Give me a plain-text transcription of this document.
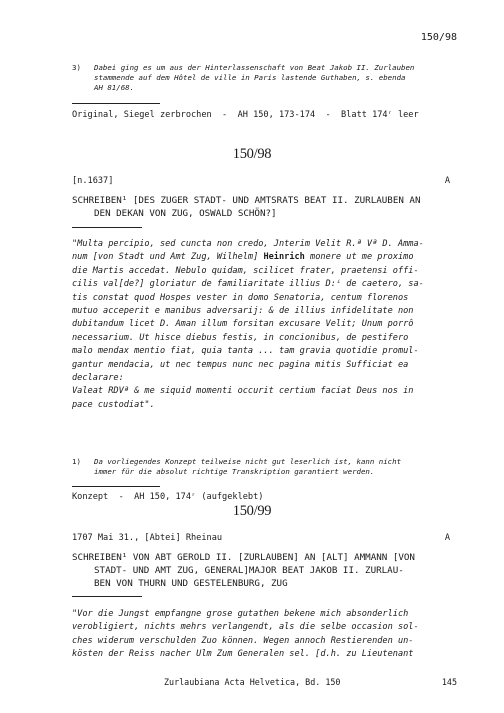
150/98
3) Dabei ging es um aus der Hinterlassenschaft von Beat Jakob II. Zurlauben
stammende auf dem Hôtel de ville in Paris lastende Guthaben, s. ebenda
AH 81/68.
Original, Siegel zerbrochen  -  AH 150, 173-174  -  Blatt 174ʳ leer
150/98
[n.1637]	A
SCHREIBEN¹ [DES ZUGER STADT- UND AMTSRATS BEAT II. ZURLAUBEN AN
DEN DEKAN VON ZUG, OSWALD SCHÖN?]
"Multa percipio, sed cuncta non credo, Jnterim Velit R.ª Vª D. Amma-
num [von Stadt und Amt Zug, Wilhelm] Heinrich monere ut me proximo
die Martis accedat. Nebulo quidam, scilicet frater, praetensi offi-
cilis val[de?] gloriatur de familiaritate illius D:ⁱ de caetero, sa-
tis constat quod Hospes vester in domo Senatoria, centum florenos
mutuo acceperit e manibus adversarij: & de illius infidelitate non
dubitandum licet D. Aman illum forsitan excusare Velit; Unum porrô
necessarium. Ut hisce diebus festis, in concionibus, de pestifero
malo mendax mentio fiat, quia tanta ... tam gravia quotidie promul-
gantur mendacia, ut nec tempus nunc nec pagina mitis Sufficiat ea
declarare:
Valeat RDVª & me siquid momenti occurit certium faciat Deus nos in
pace custodiat".
1) Da vorliegendes Konzept teilweise nicht gut leserlich ist, kann nicht
immer für die absolut richtige Transkription garantiert werden.
Konzept  -  AH 150, 174ʳ (aufgeklebt)
150/99
1707 Mai 31., [Abtei] Rheinau	A
SCHREIBEN¹ VON ABT GEROLD II. [ZURLAUBEN] AN [ALT] AMMANN [VON
STADT- UND AMT ZUG, GENERAL]MAJOR BEAT JAKOB II. ZURLAU-
BEN VON THURN UND GESTELENBURG, ZUG
"Vor die Jungst empfangne grose gutathen bekene mich absonderlich
verobligiert, nichts mehrs verlangendt, als die selbe occasion sol-
ches widerum verschulden Zuo können. Wegen annoch Restierenden un-
kösten der Reiss nacher Ulm Zum Generalen sel. [d.h. zu Lieutenant
Zurlaubiana Acta Helvetica, Bd. 150	145
